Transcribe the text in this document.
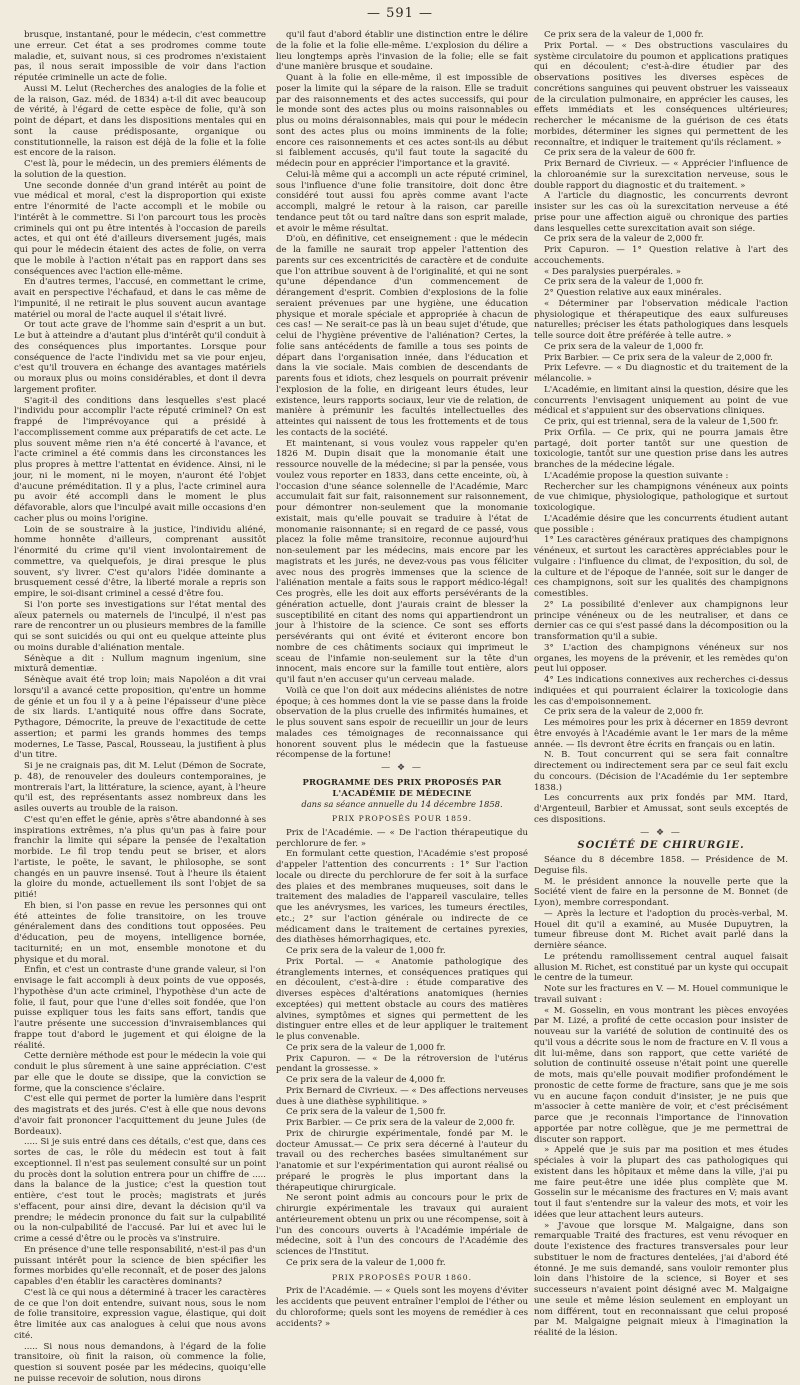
— 591 —

brusque, instantané, pour le médecin, c'est commettre une erreur. Cet état a ses prodromes comme toute maladie, et, suivant nous, si ces prodromes n'existaient pas, il nous serait impossible de voir dans l'action réputée criminelle un acte de folie.

Aussi M. Lelut (Recherches des analogies de la folie et de la raison, Gaz. méd. de 1834) a-t-il dit avec beaucoup de vérité, à l'égard de cette espèce de folie, qu'à son point de départ, et dans les dispositions mentales qui en sont la cause prédisposante, organique ou constitutionnelle, la raison est déjà de la folie et la folie est encore de la raison.

C'est là, pour le médecin, un des premiers éléments de la solution de la question.

Une seconde donnée d'un grand intérêt au point de vue médical et moral, c'est la disproportion qui existe entre l'énormité de l'acte accompli et le mobile ou l'intérêt à le commettre. Si l'on parcourt tous les procès criminels qui ont pu être intentés à l'occasion de pareils actes, et qui ont été d'ailleurs diversement jugés, mais qui pour le médecin étaient des actes de folie, on verra que le mobile à l'action n'était pas en rapport dans ses conséquences avec l'action elle-même.

En d'autres termes, l'accusé, en commettant le crime, avait en perspective l'échafaud, et dans le cas même de l'impunité, il ne retirait le plus souvent aucun avantage matériel ou moral de l'acte auquel il s'était livré.

Or tout acte grave de l'homme sain d'esprit a un but. Le but à atteindre a d'autant plus d'intérêt qu'il conduit à des conséquences plus importantes. Lorsque pour conséquence de l'acte l'individu met sa vie pour enjeu, c'est qu'il trouvera en échange des avantages matériels ou moraux plus ou moins considérables, et dont il devra largement profiter.

S'agit-il des conditions dans lesquelles s'est placé l'individu pour accomplir l'acte réputé criminel? On est frappé de l'imprévoyance qui a présidé à l'accomplissement comme aux préparatifs de cet acte. Le plus souvent même rien n'a été concerté à l'avance, et l'acte criminel a été commis dans les circonstances les plus propres à mettre l'attentat en évidence. Ainsi, ni le jour, ni le moment, ni le moyen, n'auront été l'objet d'aucune préméditation. Il y a plus, l'acte criminel aura pu avoir été accompli dans le moment le plus défavorable, alors que l'inculpé avait mille occasions d'en cacher plus ou moins l'origine.

Loin de se soustraire à la justice, l'individu aliéné, homme honnête d'ailleurs, comprenant aussitôt l'énormité du crime qu'il vient involontairement de commettre, va quelquefois, je dirai presque le plus souvent, s'y livrer. C'est qu'alors l'idée dominante a brusquement cessé d'être, la liberté morale a repris son empire, le soi-disant criminel a cessé d'être fou.

Si l'on porte ses investigations sur l'état mental des aïeux paternels ou maternels de l'inculpé, il n'est pas rare de rencontrer un ou plusieurs membres de la famille qui se sont suicidés ou qui ont eu quelque atteinte plus ou moins durable d'aliénation mentale.

Sénèque a dit : Nullum magnum ingenium, sine mixturâ dementiæ.

Sénèque avait été trop loin; mais Napoléon a dit vrai lorsqu'il a avancé cette proposition, qu'entre un homme de génie et un fou il y a à peine l'épaisseur d'une pièce de six liards. L'antiquité nous offre dans Socrate, Pythagore, Démocrite, la preuve de l'exactitude de cette assertion; et parmi les grands hommes des temps modernes, Le Tasse, Pascal, Rousseau, la justifient à plus d'un titre.

Si je ne craignais pas, dit M. Lelut (Démon de Socrate, p. 48), de renouveler des douleurs contemporaines, je montrerais l'art, la littérature, la science, ayant, à l'heure qu'il est, des représentants assez nombreux dans les asiles ouverts au trouble de la raison.

C'est qu'en effet le génie, après s'être abandonné à ses inspirations extrêmes, n'a plus qu'un pas à faire pour franchir la limite qui sépare la pensée de l'exaltation morbide. Le fil trop tendu peut se briser, et alors l'artiste, le poëte, le savant, le philosophe, se sont changés en un pauvre insensé. Tout à l'heure ils étaient la gloire du monde, actuellement ils sont l'objet de sa pitié!

Eh bien, si l'on passe en revue les personnes qui ont été atteintes de folie transitoire, on les trouve généralement dans des conditions tout opposées. Peu d'éducation, peu de moyens, intelligence bornée, taciturnité; en un mot, ensemble monotone et du physique et du moral.

Enfin, et c'est un contraste d'une grande valeur, si l'on envisage le fait accompli à deux points de vue opposés, l'hypothèse d'un acte criminel, l'hypothèse d'un acte de folie, il faut, pour que l'une d'elles soit fondée, que l'on puisse expliquer tous les faits sans effort, tandis que l'autre présente une succession d'invraisemblances qui frappe tout d'abord le jugement et qui éloigne de la réalité.

Cette dernière méthode est pour le médecin la voie qui conduit le plus sûrement à une saine appréciation. C'est par elle que le doute se dissipe, que la conviction se forme, que la conscience s'éclaire.

C'est elle qui permet de porter la lumière dans l'esprit des magistrats et des jurés. C'est à elle que nous devons d'avoir fait prononcer l'acquittement du jeune Jules (de Bordeaux).

..... Si je suis entré dans ces détails, c'est que, dans ces sortes de cas, le rôle du médecin est tout à fait exceptionnel. Il n'est pas seulement consulté sur un point du procès dont la solution entrera pour un chiffre de ..... dans la balance de la justice; c'est la question tout entière, c'est tout le procès; magistrats et jurés s'effacent, pour ainsi dire, devant la décision qu'il va prendre; le médecin prononce du fait sur la culpabilité ou la non-culpabilité de l'accusé. Par lui et avec lui le crime a cessé d'être ou le procès va s'instruire.

En présence d'une telle responsabilité, n'est-il pas d'un puissant intérêt pour la science de bien spécifier les formes morbides qu'elle reconnaît, et de poser des jalons capables d'en établir les caractères dominants?

C'est là ce qui nous a déterminé à tracer les caractères de ce que l'on doit entendre, suivant nous, sous le nom de folie transitoire, expression vague, élastique, qui doit être limitée aux cas analogues à celui que nous avons cité.

..... Si nous nous demandons, à l'égard de la folie transitoire, où finit la raison, où commence la folie, question si souvent posée par les médecins, quoiqu'elle ne puisse recevoir de solution, nous dirons

qu'il faut d'abord établir une distinction entre le délire de la folie et la folie elle-même. L'explosion du délire a lieu longtemps après l'invasion de la folie; elle se fait d'une manière brusque et soudaine.

Quant à la folie en elle-même, il est impossible de poser la limite qui la sépare de la raison. Elle se traduit par des raisonnements et des actes successifs, qui pour le monde sont des actes plus ou moins raisonnables ou plus ou moins déraisonnables, mais qui pour le médecin sont des actes plus ou moins imminents de la folie; encore ces raisonnements et ces actes sont-ils au début si faiblement accusés, qu'il faut toute la sagacité du médecin pour en apprécier l'importance et la gravité.

Celui-là même qui a accompli un acte réputé criminel, sous l'influence d'une folie transitoire, doit donc être considéré tout aussi fou après comme avant l'acte accompli, malgré le retour à la raison, car pareille tendance peut tôt ou tard naître dans son esprit malade, et avoir le même résultat.

D'où, en définitive, cet enseignement : que le médecin de la famille ne saurait trop appeler l'attention des parents sur ces excentricités de caractère et de conduite que l'on attribue souvent à de l'originalité, et qui ne sont qu'une dépendance d'un commencement de dérangement d'esprit. Combien d'explosions de la folie seraient prévenues par une hygiène, une éducation physique et morale spéciale et appropriée à chacun de ces cas! — Ne serait-ce pas là un beau sujet d'étude, que celui de l'hygiène préventive de l'aliénation? Certes, la folie sans antécédents de famille a tous ses points de départ dans l'organisation innée, dans l'éducation et dans la vie sociale. Mais combien de descendants de parents fous et idiots, chez lesquels on pourrait prévenir l'explosion de la folie, en dirigeant leurs études, leur existence, leurs rapports sociaux, leur vie de relation, de manière à prémunir les facultés intellectuelles des atteintes qui naissent de tous les frottements et de tous les contacts de la société.

Et maintenant, si vous voulez vous rappeler qu'en 1826 M. Dupin disait que la monomanie était une ressource nouvelle de la médecine; si par la pensée, vous voulez vous reporter en 1833, dans cette enceinte, où, à l'occasion d'une séance solennelle de l'Académie, Marc accumulait fait sur fait, raisonnement sur raisonnement, pour démontrer non-seulement que la monomanie existait, mais qu'elle pouvait se traduire à l'état de monomanie raisonnante; si en regard de ce passé, vous placez la folie même transitoire, reconnue aujourd'hui non-seulement par les médecins, mais encore par les magistrats et les jurés, ne devez-vous pas vous féliciter avec nous des progrès immenses que la science de l'aliénation mentale a faits sous le rapport médico-légal! Ces progrès, elle les doit aux efforts persévérants de la génération actuelle, dont j'aurais craint de blesser la susceptibilité en citant des noms qui appartiendront un jour à l'histoire de la science. Ce sont ses efforts persévérants qui ont évité et éviteront encore bon nombre de ces châtiments sociaux qui imprimeut le sceau de l'infamie non-seulement sur la tête d'un innocent, mais encore sur la famille tout entière, alors qu'il faut n'en accuser qu'un cerveau malade.

Voilà ce que l'on doit aux médecins aliénistes de notre époque; à ces hommes dont la vie se passe dans la froide observation de la plus cruelle des infirmités humaines, et le plus souvent sans espoir de recueillir un jour de leurs malades ces témoignages de reconnaissance qui honorent souvent plus le médecin que la fastueuse récompense de la fortune!

— ❖ —
PROGRAMME DES PRIX PROPOSÉS PAR L'ACADÉMIE DE MÉDECINE
dans sa séance annuelle du 14 décembre 1858.
PRIX PROPOSÉS POUR 1859.

Prix de l'Académie. — « De l'action thérapeutique du perchlorure de fer. »

En formulant cette question, l'Académie s'est proposé d'appeler l'attention des concurrents : 1° Sur l'action locale ou directe du perchlorure de fer soit à la surface des plaies et des membranes muqueuses, soit dans le traitement des maladies de l'appareil vasculaire, telles que les anévrysmes, les varices, les tumeurs érectiles, etc.; 2° sur l'action générale ou indirecte de ce médicament dans le traitement de certaines pyrexies, des diathèses hémorrhagiques, etc.

Ce prix sera de la valeur de 1,000 fr.

Prix Portal. — « Anatomie pathologique des étranglements internes, et conséquences pratiques qui en découlent, c'est-à-dire : étude comparative des diverses espèces d'altérations anatomiques (hernies exceptées) qui mettent obstacle au cours des matières alvines, symptômes et signes qui permettent de les distinguer entre elles et de leur appliquer le traitement le plus convenable.

Ce prix sera de la valeur de 1,000 fr.

Prix Capuron. — « De la rétroversion de l'utérus pendant la grossesse. »

Ce prix sera de la valeur de 4,000 fr.

Prix Bernard de Civrieux. — « Des affections nerveuses dues à une diathèse syphilitique. »

Ce prix sera de la valeur de 1,500 fr.

Prix Barbier. — Ce prix sera de la valeur de 2,000 fr.

Prix de chirurgie expérimentale, fondé par M. le docteur Amussat.— Ce prix sera décerné à l'auteur du travail ou des recherches basées simultanément sur l'anatomie et sur l'expérimentation qui auront réalisé ou préparé le progrès le plus important dans la thérapeutique chirurgicale.

Ne seront point admis au concours pour le prix de chirurgie expérimentale les travaux qui auraient antérieurement obtenu un prix ou une récompense, soit à l'un des concours ouverts à l'Académie impériale de médecine, soit à l'un des concours de l'Académie des sciences de l'Institut.

Ce prix sera de la valeur de 1,000 fr.

PRIX PROPOSÉS POUR 1860.

Prix de l'Académie. — « Quels sont les moyens d'éviter les accidents que peuvent entraîner l'emploi de l'éther ou du chloroforme; quels sont les moyens de remédier à ces accidents? »

Ce prix sera de la valeur de 1,000 fr.

Prix Portal. — « Des obstructions vasculaires du système circulatoire du poumon et applications pratiques qui en découlent; c'est-à-dire étudier par des observations positives les diverses espèces de concrétions sanguines qui peuvent obstruer les vaisseaux de la circulation pulmonaire, en apprécier les causes, les effets immédiats et les conséquences ultérieures; rechercher le mécanisme de la guérison de ces états morbides, déterminer les signes qui permettent de les reconnaître, et indiquer le traitement qu'ils réclament. »

Ce prix sera de la valeur de 600 fr.

Prix Bernard de Civrieux. — « Apprécier l'influence de la chloroanémie sur la surexcitation nerveuse, sous le double rapport du diagnostic et du traitement. »

A l'article du diagnostic, les concurrents devront insister sur les cas où la surexcitation nerveuse a été prise pour une affection aiguë ou chronique des parties dans lesquelles cette surexcitation avait son siége.

Ce prix sera de la valeur de 2,000 fr.

Prix Capuron. — 1° Question relative à l'art des accouchements.

« Des paralysies puerpérales. »

Ce prix sera de la valeur de 1,000 fr.

2° Question relative aux eaux minérales.

« Déterminer par l'observation médicale l'action physiologique et thérapeutique des eaux sulfureuses naturelles; préciser les états pathologiques dans lesquels telle source doit être préférée à telle autre. »

Ce prix sera de la valeur de 1,000 fr.

Prix Barbier. — Ce prix sera de la valeur de 2,000 fr.

Prix Lefevre. — « Du diagnostic et du traitement de la mélancolie. »

L'Académie, en limitant ainsi la question, désire que les concurrents l'envisagent uniquement au point de vue médical et s'appuient sur des observations cliniques.

Ce prix, qui est triennal, sera de la valeur de 1,500 fr.

Prix Orfila. — Ce prix, qui ne pourra jamais être partagé, doit porter tantôt sur une question de toxicologie, tantôt sur une question prise dans les autres branches de la médecine légale.

L'Académie propose la question suivante :

Rechercher sur les champignons vénéneux aux points de vue chimique, physiologique, pathologique et surtout toxicologique.

L'Académie désire que les concurrents étudient autant que possible :

1° Les caractères généraux pratiques des champignons vénéneux, et surtout les caractères appréciables pour le vulgaire : l'influence du climat, de l'exposition, du sol, de la culture et de l'époque de l'année, soit sur le danger de ces champignons, soit sur les qualités des champignons comestibles.

2° La possibilité d'enlever aux champignons leur principe vénéneux ou de les neutraliser, et dans ce dernier cas ce qui s'est passé dans la décomposition ou la transformation qu'il a subie.

3° L'action des champignons vénéneux sur nos organes, les moyens de la prévenir, et les remèdes qu'on peut lui opposer.

4° Les indications connexives aux recherches ci-dessus indiquées et qui pourraient éclairer la toxicologie dans les cas d'empoisonnement.

Ce prix sera de la valeur de 2,000 fr.

Les mémoires pour les prix à décerner en 1859 devront être envoyés à l'Académie avant le 1er mars de la même année. — Ils devront être écrits en français ou en latin.

N. B. Tout concurrent qui se sera fait connaître directement ou indirectement sera par ce seul fait exclu du concours. (Décision de l'Académie du 1er septembre 1838.)

Les concurrents aux prix fondés par MM. Itard, d'Argenteuil, Barbier et Amussat, sont seuls exceptés de ces dispositions.

— ❖ —
SOCIÉTÉ DE CHIRURGIE.

Séance du 8 décembre 1858. — Présidence de M. Deguise fils.

M. le président annonce la nouvelle perte que la Société vient de faire en la personne de M. Bonnet (de Lyon), membre correspondant.

— Après la lecture et l'adoption du procès-verbal, M. Houel dit qu'il a examiné, au Musée Dupuytren, la tumeur fibreuse dont M. Richet avait parlé dans la dernière séance.

Le prétendu ramollissement central auquel faisait allusion M. Richet, est constitué par un kyste qui occupait le centre de la tumeur.

Note sur les fractures en V. — M. Houel communique le travail suivant :

« M. Gosselin, en vous montrant les pièces envoyées par M. Lizé, a profité de cette occasion pour insister de nouveau sur la variété de solution de continuité des os qu'il vous a décrite sous le nom de fracture en V. Il vous a dit lui-même, dans son rapport, que cette variété de solution de continuité osseuse n'était point une querelle de mots, mais qu'elle pouvait modifier profondément le pronostic de cette forme de fracture, sans que je me sois vu en aucune façon conduit d'insister, je ne puis que m'associer à cette manière de voir, et c'est précisément parce que je reconnais l'importance de l'innovation apportée par notre collègue, que je me permettrai de discuter son rapport.

» Appelé que je suis par ma position et mes études spéciales à voir la plupart des cas pathologiques qui existent dans les hôpitaux et même dans la ville, j'ai pu me faire peut-être une idée plus complète que M. Gosselin sur le mécanisme des fractures en V; mais avant tout il faut s'entendre sur la valeur des mots, et voir les idées que leur attachent leurs auteurs.

» J'avoue que lorsque M. Malgaigne, dans son remarquable Traité des fractures, est venu révoquer en doute l'existence des fractures transversales pour leur substituer le nom de fractures dentelées, j'ai d'abord été étonné. Je me suis demandé, sans vouloir remonter plus loin dans l'histoire de la science, si Boyer et ses successeurs n'avaient point désigné avec M. Malgaigne une seule et même lésion seulement en employant un nom différent, tout en reconnaissant que celui proposé par M. Malgaigne peignait mieux à l'imagination la réalité de la lésion.
